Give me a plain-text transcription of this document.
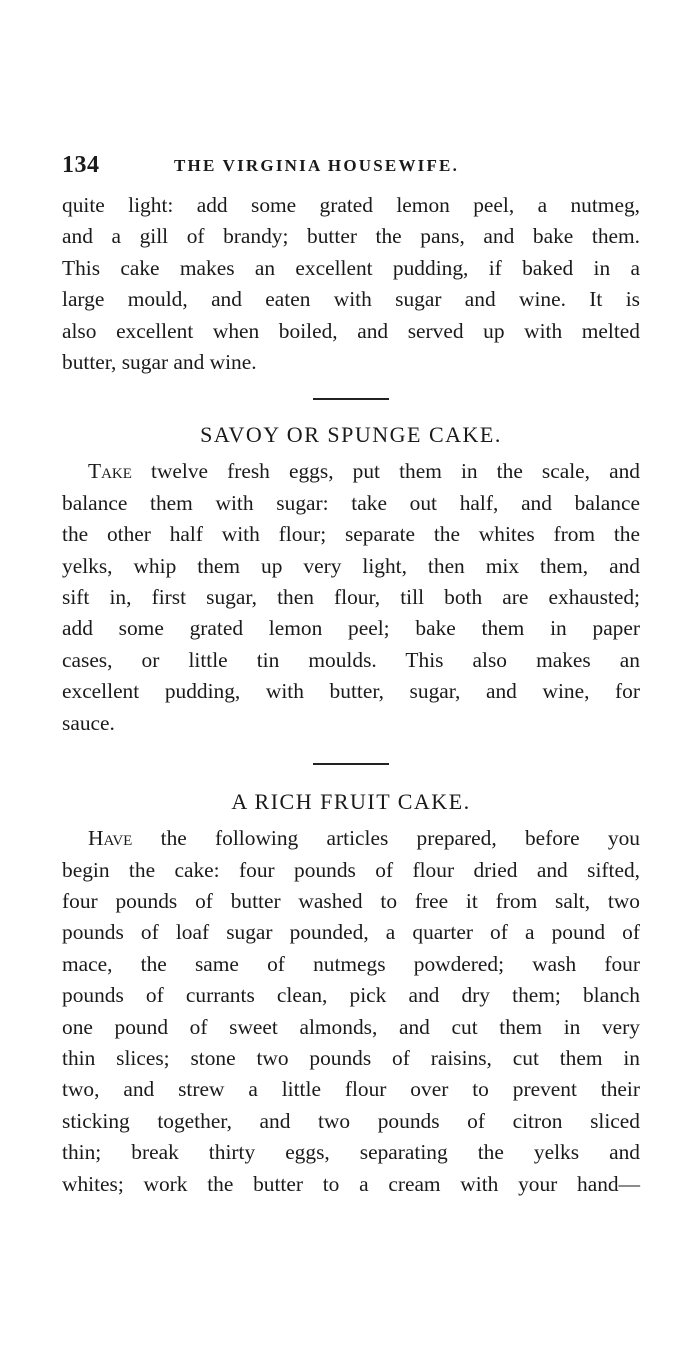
134	THE VIRGINIA HOUSEWIFE.

quite light: add some grated lemon peel, a nutmeg,
and a gill of brandy; butter the pans, and bake them.
This cake makes an excellent pudding, if baked in a
large mould, and eaten with sugar and wine. It is
also excellent when boiled, and served up with melted
butter, sugar and wine.

SAVOY OR SPUNGE CAKE.

Take twelve fresh eggs, put them in the scale, and
balance them with sugar: take out half, and balance
the other half with flour; separate the whites from the
yelks, whip them up very light, then mix them, and
sift in, first sugar, then flour, till both are exhausted;
add some grated lemon peel; bake them in paper
cases, or little tin moulds. This also makes an
excellent pudding, with butter, sugar, and wine, for
sauce.

A RICH FRUIT CAKE.

Have the following articles prepared, before you
begin the cake: four pounds of flour dried and sifted,
four pounds of butter washed to free it from salt, two
pounds of loaf sugar pounded, a quarter of a pound of
mace, the same of nutmegs powdered; wash four
pounds of currants clean, pick and dry them; blanch
one pound of sweet almonds, and cut them in very
thin slices; stone two pounds of raisins, cut them in
two, and strew a little flour over to prevent their
sticking together, and two pounds of citron sliced
thin; break thirty eggs, separating the yelks and
whites; work the butter to a cream with your hand—
